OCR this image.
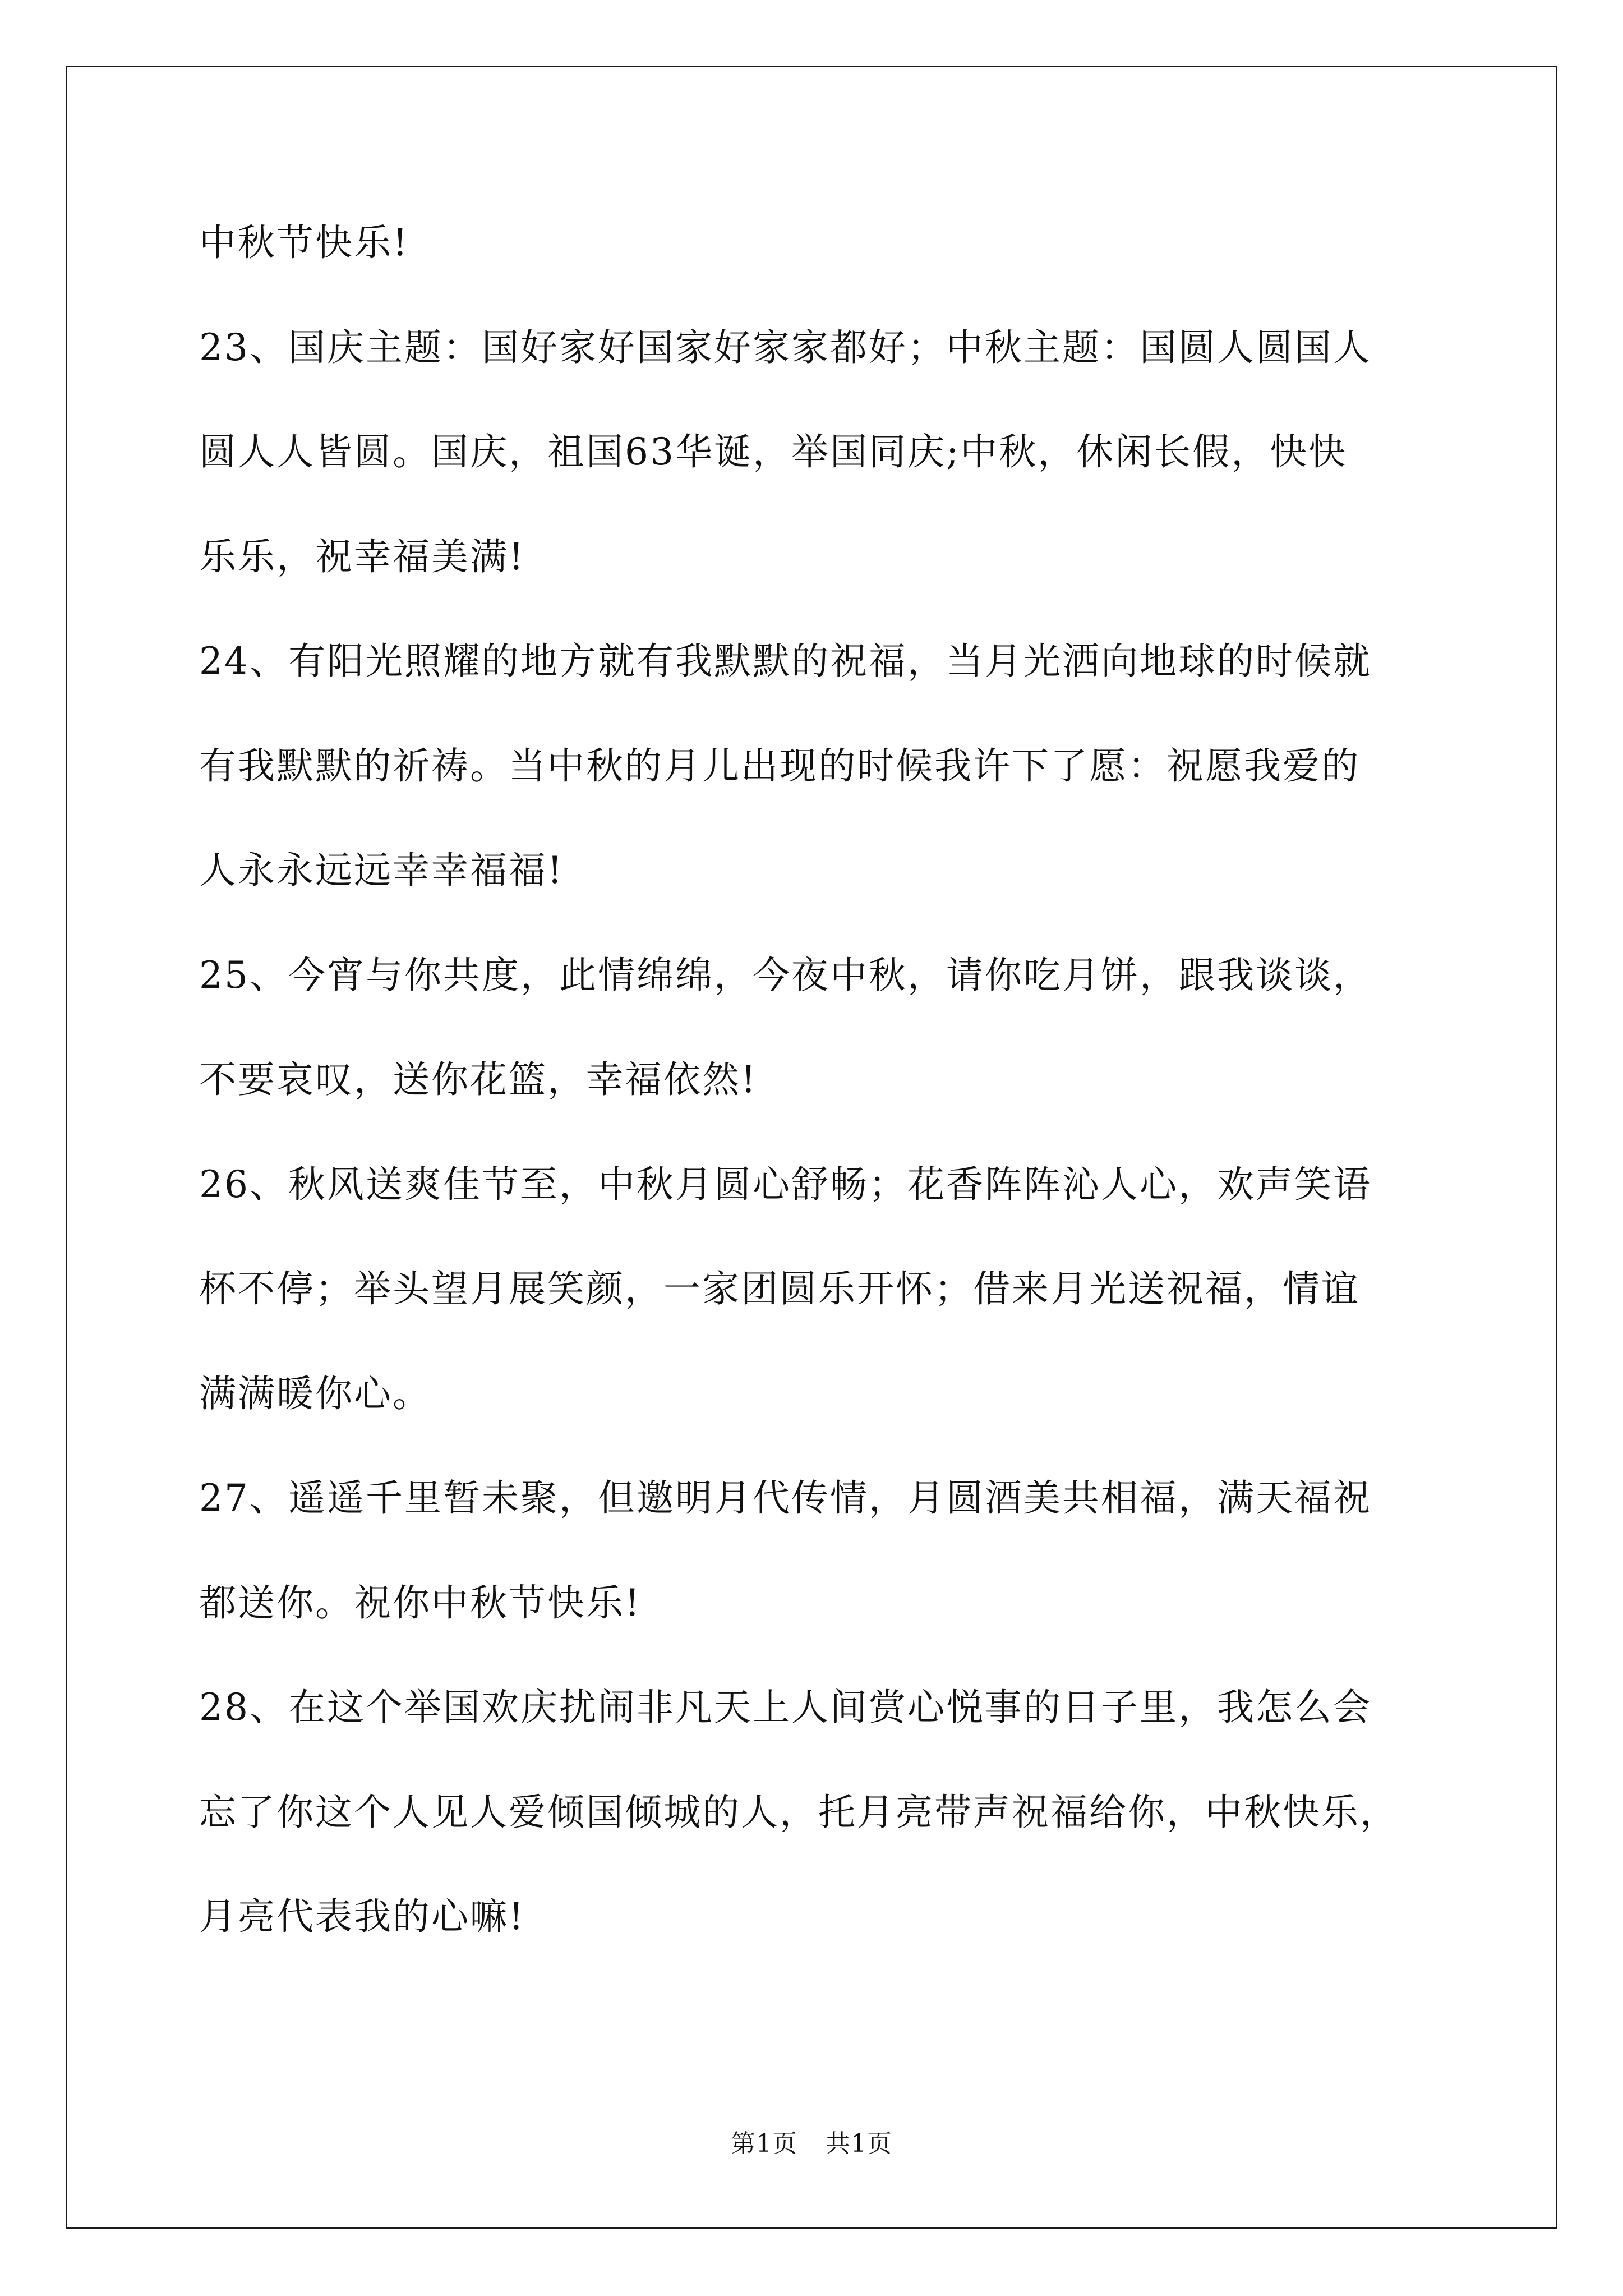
中秋节快乐!
23、国庆主题：国好家好国家好家家都好；中秋主题：国圆人圆国人
圆人人皆圆。国庆，祖国63华诞，举国同庆;中秋，休闲长假，快快
乐乐，祝幸福美满!
24、有阳光照耀的地方就有我默默的祝福，当月光洒向地球的时候就
有我默默的祈祷。当中秋的月儿出现的时候我许下了愿：祝愿我爱的
人永永远远幸幸福福!
25、今宵与你共度，此情绵绵，今夜中秋，请你吃月饼，跟我谈谈，
不要哀叹，送你花篮，幸福依然!
26、秋风送爽佳节至，中秋月圆心舒畅；花香阵阵沁人心，欢声笑语
杯不停；举头望月展笑颜，一家团圆乐开怀；借来月光送祝福，情谊
满满暖你心。
27、遥遥千里暂未聚，但邀明月代传情，月圆酒美共相福，满天福祝
都送你。祝你中秋节快乐!
28、在这个举国欢庆扰闹非凡天上人间赏心悦事的日子里，我怎么会
忘了你这个人见人爱倾国倾城的人，托月亮带声祝福给你，中秋快乐，
月亮代表我的心嘛!
第1页 共1页
